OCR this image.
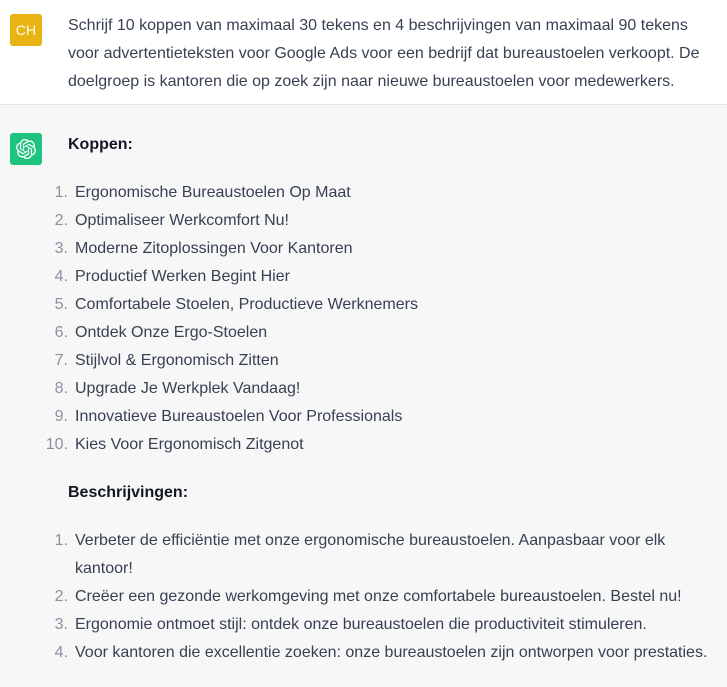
CH Schrijf 10 koppen van maximaal 30 tekens en 4 beschrijvingen van maximaal 90 tekens voor advertentieteksten voor Google Ads voor een bedrijf dat bureaustoelen verkoopt. De doelgroep is kantoren die op zoek zijn naar nieuwe bureaustoelen voor medewerkers.

Koppen:

Ergonomische Bureaustoelen Op Maat
Optimaliseer Werkcomfort Nu!
Moderne Zitoplossingen Voor Kantoren
Productief Werken Begint Hier
Comfortabele Stoelen, Productieve Werknemers
Ontdek Onze Ergo-Stoelen
Stijlvol & Ergonomisch Zitten
Upgrade Je Werkplek Vandaag!
Innovatieve Bureaustoelen Voor Professionals
Kies Voor Ergonomisch Zitgenot

Beschrijvingen:

Verbeter de efficiëntie met onze ergonomische bureaustoelen. Aanpasbaar voor elk kantoor!
Creëer een gezonde werkomgeving met onze comfortabele bureaustoelen. Bestel nu!
Ergonomie ontmoet stijl: ontdek onze bureaustoelen die productiviteit stimuleren.
Voor kantoren die excellentie zoeken: onze bureaustoelen zijn ontworpen voor prestaties.
